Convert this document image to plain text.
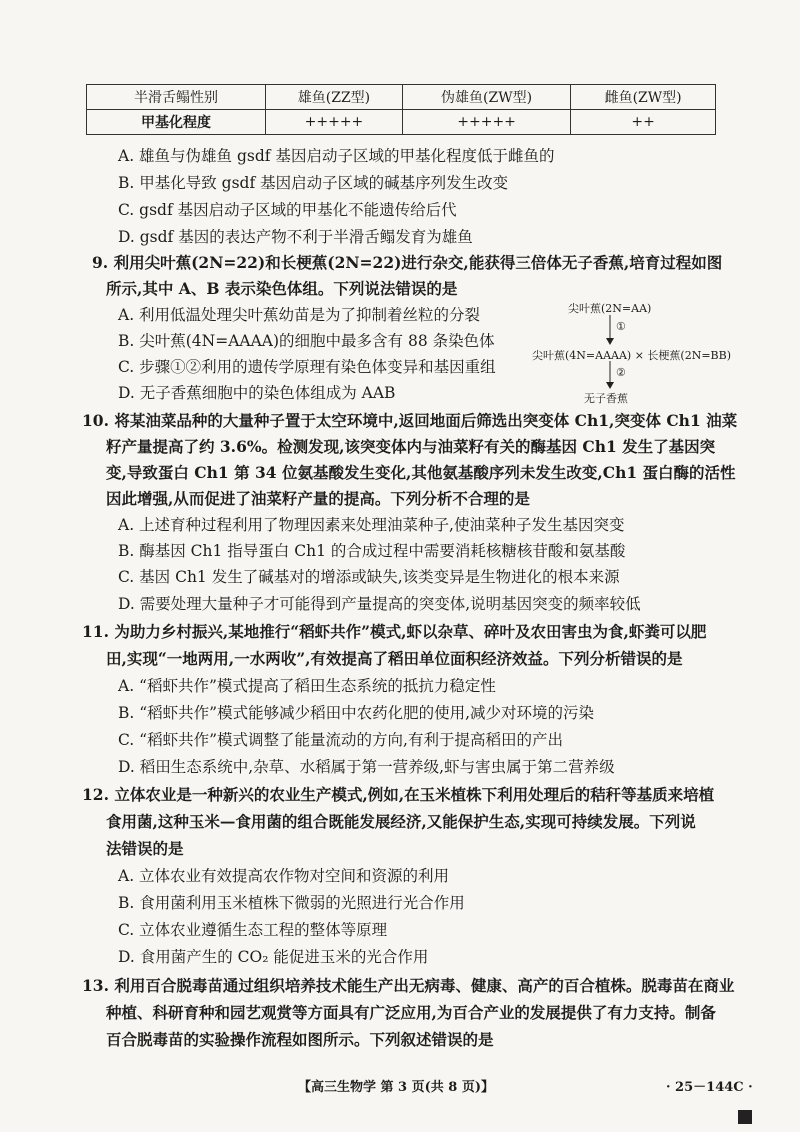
半滑舌鳎性别	雄鱼(ZZ型)	伪雄鱼(ZW型)	雌鱼(ZW型)
甲基化程度	+++++	+++++	++
A. 雄鱼与伪雄鱼 gsdf 基因启动子区域的甲基化程度低于雌鱼的
B. 甲基化导致 gsdf 基因启动子区域的碱基序列发生改变
C. gsdf 基因启动子区域的甲基化不能遗传给后代
D. gsdf 基因的表达产物不利于半滑舌鳎发育为雄鱼
9. 利用尖叶蕉(2N=22)和长梗蕉(2N=22)进行杂交,能获得三倍体无子香蕉,培育过程如图
所示,其中 A、B 表示染色体组。下列说法错误的是
A. 利用低温处理尖叶蕉幼苗是为了抑制着丝粒的分裂
B. 尖叶蕉(4N=AAAA)的细胞中最多含有 88 条染色体
C. 步骤①②利用的遗传学原理有染色体变异和基因重组
D. 无子香蕉细胞中的染色体组成为 AAB
尖叶蕉(2N=AA)
①
尖叶蕉(4N=AAAA) × 长梗蕉(2N=BB)
②
无子香蕉
10. 将某油菜品种的大量种子置于太空环境中,返回地面后筛选出突变体 Ch1,突变体 Ch1 油菜
籽产量提高了约 3.6%。检测发现,该突变体内与油菜籽有关的酶基因 Ch1 发生了基因突
变,导致蛋白 Ch1 第 34 位氨基酸发生变化,其他氨基酸序列未发生改变,Ch1 蛋白酶的活性
因此增强,从而促进了油菜籽产量的提高。下列分析不合理的是
A. 上述育种过程利用了物理因素来处理油菜种子,使油菜种子发生基因突变
B. 酶基因 Ch1 指导蛋白 Ch1 的合成过程中需要消耗核糖核苷酸和氨基酸
C. 基因 Ch1 发生了碱基对的增添或缺失,该类变异是生物进化的根本来源
D. 需要处理大量种子才可能得到产量提高的突变体,说明基因突变的频率较低
11. 为助力乡村振兴,某地推行“稻虾共作”模式,虾以杂草、碎叶及农田害虫为食,虾粪可以肥
田,实现“一地两用,一水两收”,有效提高了稻田单位面积经济效益。下列分析错误的是
A. “稻虾共作”模式提高了稻田生态系统的抵抗力稳定性
B. “稻虾共作”模式能够减少稻田中农药化肥的使用,减少对环境的污染
C. “稻虾共作”模式调整了能量流动的方向,有利于提高稻田的产出
D. 稻田生态系统中,杂草、水稻属于第一营养级,虾与害虫属于第二营养级
12. 立体农业是一种新兴的农业生产模式,例如,在玉米植株下利用处理后的秸秆等基质来培植
食用菌,这种玉米—食用菌的组合既能发展经济,又能保护生态,实现可持续发展。下列说
法错误的是
A. 立体农业有效提高农作物对空间和资源的利用
B. 食用菌利用玉米植株下微弱的光照进行光合作用
C. 立体农业遵循生态工程的整体等原理
D. 食用菌产生的 CO₂ 能促进玉米的光合作用
13. 利用百合脱毒苗通过组织培养技术能生产出无病毒、健康、高产的百合植株。脱毒苗在商业
种植、科研育种和园艺观赏等方面具有广泛应用,为百合产业的发展提供了有力支持。制备
百合脱毒苗的实验操作流程如图所示。下列叙述错误的是
【高三生物学 第 3 页(共 8 页)】	· 25－144C ·
